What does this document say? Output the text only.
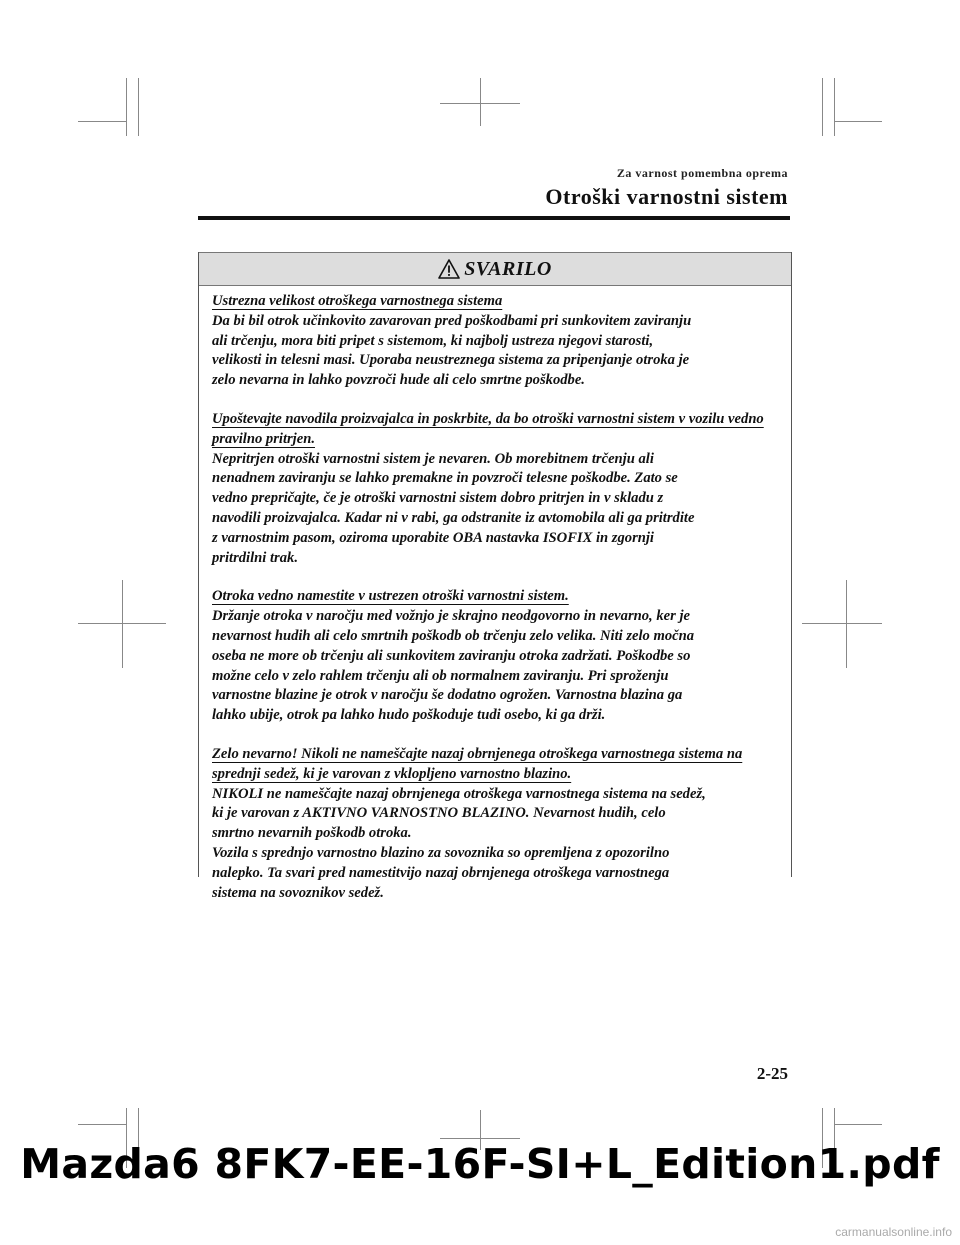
Za varnost pomembna oprema
Otroški varnostni sistem
SVARILO
Ustrezna velikost otroškega varnostnega sistema

Da bi bil otrok učinkovito zavarovan pred poškodbami pri sunkovitem zaviranju
ali trčenju, mora biti pripet s sistemom, ki najbolj ustreza njegovi starosti,
velikosti in telesni masi. Uporaba neustreznega sistema za pripenjanje otroka je
zelo nevarna in lahko povzroči hude ali celo smrtne poškodbe.

Upoštevajte navodila proizvajalca in poskrbite, da bo otroški varnostni sistem v vozilu vedno pravilno pritrjen.

Nepritrjen otroški varnostni sistem je nevaren. Ob morebitnem trčenju ali
nenadnem zaviranju se lahko premakne in povzroči telesne poškodbe. Zato se
vedno prepričajte, če je otroški varnostni sistem dobro pritrjen in v skladu z
navodili proizvajalca. Kadar ni v rabi, ga odstranite iz avtomobila ali ga pritrdite
z varnostnim pasom, oziroma uporabite OBA nastavka ISOFIX in zgornji
pritrdilni trak.

Otroka vedno namestite v ustrezen otroški varnostni sistem.

Držanje otroka v naročju med vožnjo je skrajno neodgovorno in nevarno, ker je
nevarnost hudih ali celo smrtnih poškodb ob trčenju zelo velika. Niti zelo močna
oseba ne more ob trčenju ali sunkovitem zaviranju otroka zadržati. Poškodbe so
možne celo v zelo rahlem trčenju ali ob normalnem zaviranju. Pri sproženju
varnostne blazine je otrok v naročju še dodatno ogrožen. Varnostna blazina ga
lahko ubije, otrok pa lahko hudo poškoduje tudi osebo, ki ga drži.

Zelo nevarno! Nikoli ne nameščajte nazaj obrnjenega otroškega varnostnega sistema na sprednji sedež, ki je varovan z vklopljeno varnostno blazino.

NIKOLI ne nameščajte nazaj obrnjenega otroškega varnostnega sistema na sedež,
ki je varovan z AKTIVNO VARNOSTNO BLAZINO. Nevarnost hudih, celo
smrtno nevarnih poškodb otroka.
Vozila s sprednjo varnostno blazino za sovoznika so opremljena z opozorilno
nalepko. Ta svari pred namestitvijo nazaj obrnjenega otroškega varnostnega
sistema na sovoznikov sedež.

2-25
Mazda6 8FK7-EE-16F-SI+L_Edition1.pdf
carmanualsonline.info
